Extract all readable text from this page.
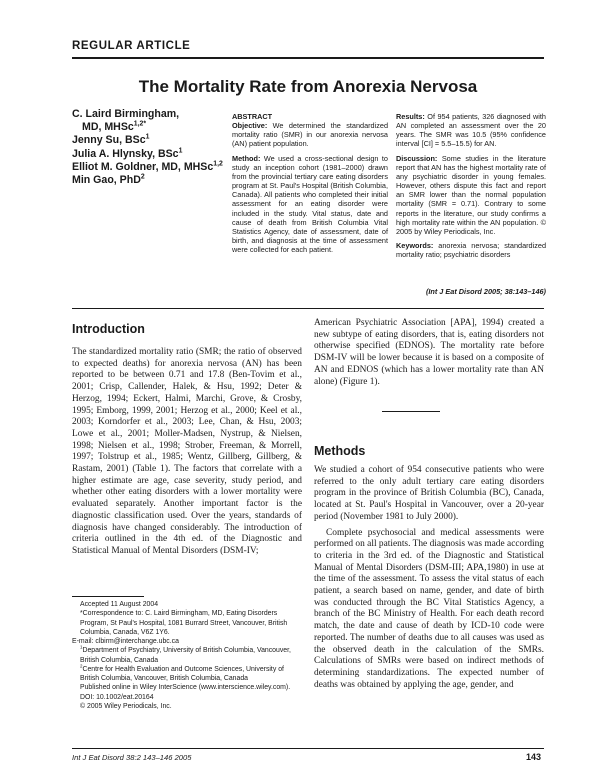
REGULAR ARTICLE
The Mortality Rate from Anorexia Nervosa
C. Laird Birmingham,
MD, MHSc$^{1,2*}$
Jenny Su, BSc$^1$
Julia A. Hlynsky, BSc$^1$
Elliot M. Goldner, MD, MHSc$^{1,2}$
Min Gao, PhD$^2$
ABSTRACT

Objective: We determined the standardized mortality ratio (SMR) in our anorexia nervosa (AN) patient population.

Method: We used a cross-sectional design to study an inception cohort (1981–2000) drawn from the provincial tertiary care eating disorders program at St. Paul's Hospital (British Columbia, Canada). All patients who completed their initial assessment for an eating disorder were included in the study. Vital status, date and cause of death from British Columbia Vital Statistics Agency, date of assessment, date of birth, and diagnosis at the time of assessment were collected for each patient.

Results: Of 954 patients, 326 diagnosed with AN completed an assessment over the 20 years. The SMR was 10.5 (95% confidence interval [CI] = 5.5–15.5) for AN.

Discussion: Some studies in the literature report that AN has the highest mortality rate of any psychiatric disorder in young females. However, others dispute this fact and report an SMR lower than the normal population mortality (SMR = 0.71). Contrary to some reports in the literature, our study confirms a high mortality rate within the AN population. © 2005 by Wiley Periodicals, Inc.

Keywords: anorexia nervosa; standardized mortality ratio; psychiatric disorders

(Int J Eat Disord 2005; 38:143–146)
Introduction

The standardized mortality ratio (SMR; the ratio of observed to expected deaths) for anorexia nervosa (AN) has been reported to be between 0.71 and 17.8 (Ben-Tovim et al., 2001; Crisp, Callender, Halek, & Hsu, 1992; Deter & Herzog, 1994; Eckert, Halmi, Marchi, Grove, & Crosby, 1995; Emborg, 1999, 2001; Herzog et al., 2000; Keel et al., 2003; Korndorfer et al., 2003; Lee, Chan, & Hsu, 2003; Lowe et al., 2001; Moller-Madsen, Nystrup, & Nielsen, 1998; Nielsen et al., 1998; Strober, Freeman, & Morrell, 1997; Tolstrup et al., 1985; Wentz, Gillberg, Gillberg, & Rastam, 2001) (Table 1). The factors that correlate with a higher estimate are age, case severity, study period, and whether other eating disorders with a lower mortality were evaluated separately. Another important factor is the diagnostic classification used. Over the years, standards of diagnosis have changed considerably. The introduction of criteria outlined in the 4th ed. of the Diagnostic and Statistical Manual of Mental Disorders (DSM-IV;

American Psychiatric Association [APA], 1994) created a new subtype of eating disorders, that is, eating disorders not otherwise specified (EDNOS). The mortality rate before DSM-IV will be lower because it is based on a composite of AN and EDNOS (which has a lower mortality rate than AN alone) (Figure 1).

Methods

We studied a cohort of 954 consecutive patients who were referred to the only adult tertiary care eating disorders program in the province of British Columbia (BC), Canada, located at St. Paul's Hospital in Vancouver, over a 20-year period (November 1981 to July 2000).

Complete psychosocial and medical assessments were performed on all patients. The diagnosis was made according to criteria in the 3rd ed. of the Diagnostic and Statistical Manual of Mental Disorders (DSM-III; APA,1980) in use at the time of the assessment. To assess the vital status of each patient, a search based on name, gender, and date of birth was conducted through the BC Vital Statistics Agency, a branch of the BC Ministry of Health. For each death record match, the date and cause of death by ICD-10 code were reported. The number of deaths due to all causes was used as the observed death in the calculation of the SMRs. Calculations of SMRs were based on indirect methods of determining standardizations. The expected number of deaths was obtained by applying the age, gender, and

Accepted 11 August 2004
*Correspondence to: C. Laird Birmingham, MD, Eating Disorders Program, St Paul's Hospital, 1081 Burrard Street, Vancouver, British Columbia, Canada, V6Z 1Y6.
E-mail: clbirm@interchange.ubc.ca
$^1$Department of Psychiatry, University of British Columbia, Vancouver, British Columbia, Canada
$^2$Centre for Health Evaluation and Outcome Sciences, University of British Columbia, Vancouver, British Columbia, Canada
Published online in Wiley InterScience (www.interscience.wiley.com). DOI: 10.1002/eat.20164
© 2005 Wiley Periodicals, Inc.
Int J Eat Disord 38:2 143–146 2005	143
